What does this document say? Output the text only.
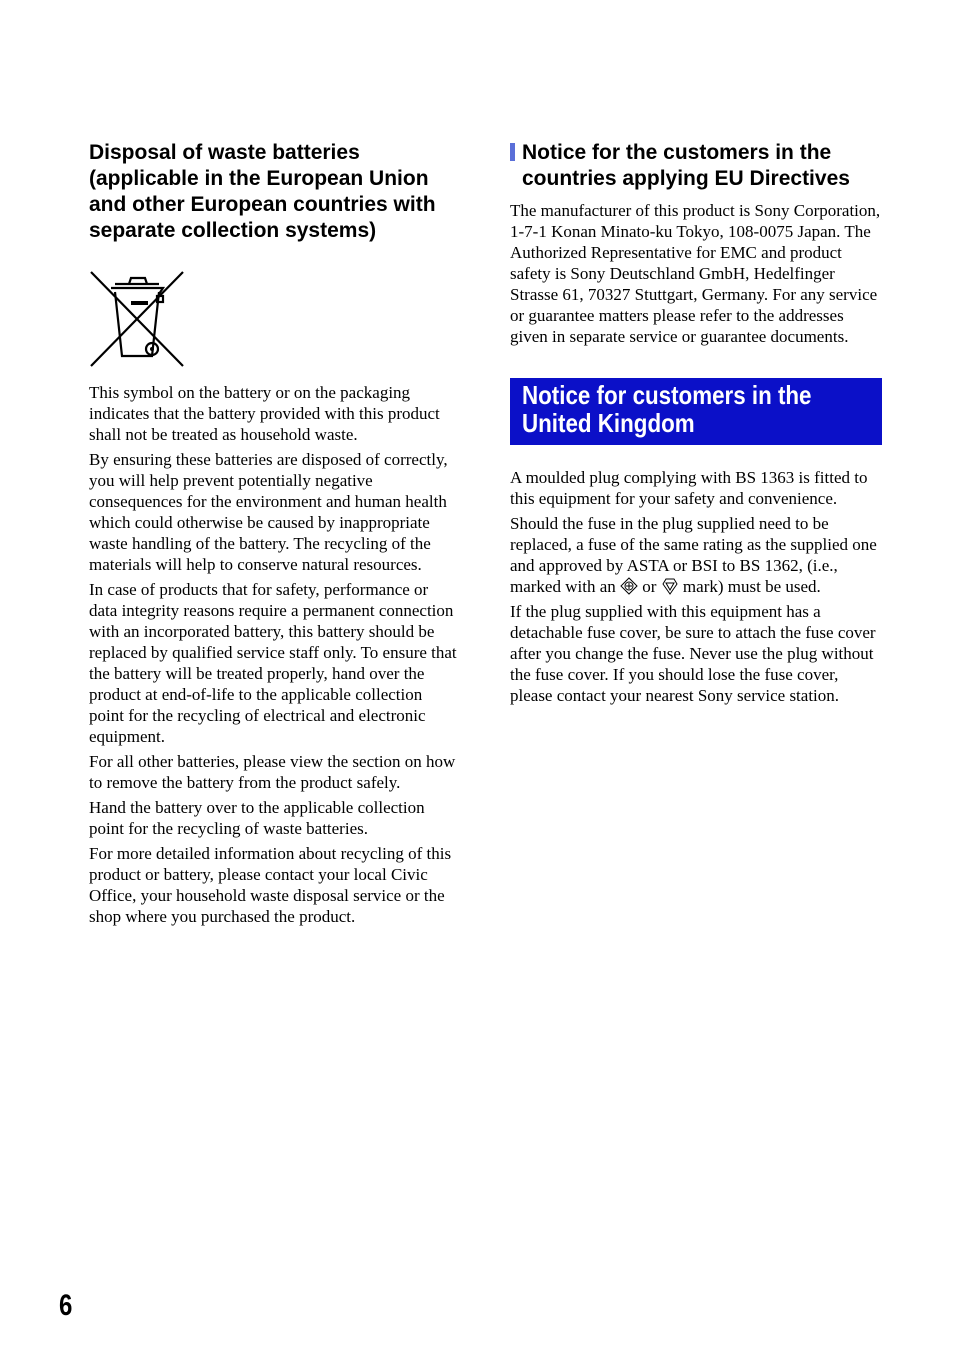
Disposal of waste batteries
(applicable in the European Union
and other European countries with
separate collection systems)

This symbol on the battery or on the packaging indicates that the battery provided with this product shall not be treated as household waste.

By ensuring these batteries are disposed of correctly, you will help prevent potentially negative consequences for the environment and human health which could otherwise be caused by inappropriate waste handling of the battery. The recycling of the materials will help to conserve natural resources.

In case of products that for safety, performance or data integrity reasons require a permanent connection with an incorporated battery, this battery should be replaced by qualified service staff only. To ensure that the battery will be treated properly, hand over the product at end-of-life to the applicable collection point for the recycling of electrical and electronic equipment.

For all other batteries, please view the section on how to remove the battery from the product safely.

Hand the battery over to the applicable collection point for the recycling of waste batteries.

For more detailed information about recycling of this product or battery, please contact your local Civic Office, your household waste disposal service or the shop where you purchased the product.

Notice for the customers in the
countries applying EU Directives

The manufacturer of this product is Sony Corporation, 1-7-1 Konan Minato-ku Tokyo, 108-0075 Japan. The Authorized Representative for EMC and product safety is Sony Deutschland GmbH, Hedelfinger Strasse 61, 70327 Stuttgart, Germany. For any service or guarantee matters please refer to the addresses given in separate service or guarantee documents.

Notice for customers in the
United Kingdom

A moulded plug complying with BS 1363 is fitted to this equipment for your safety and convenience.

Should the fuse in the plug supplied need to be replaced, a fuse of the same rating as the supplied one and approved by ASTA or BSI to BS 1362, (i.e., marked with an  or  mark) must be used.

If the plug supplied with this equipment has a detachable fuse cover, be sure to attach the fuse cover after you change the fuse. Never use the plug without the fuse cover. If you should lose the fuse cover, please contact your nearest Sony service station.

6
